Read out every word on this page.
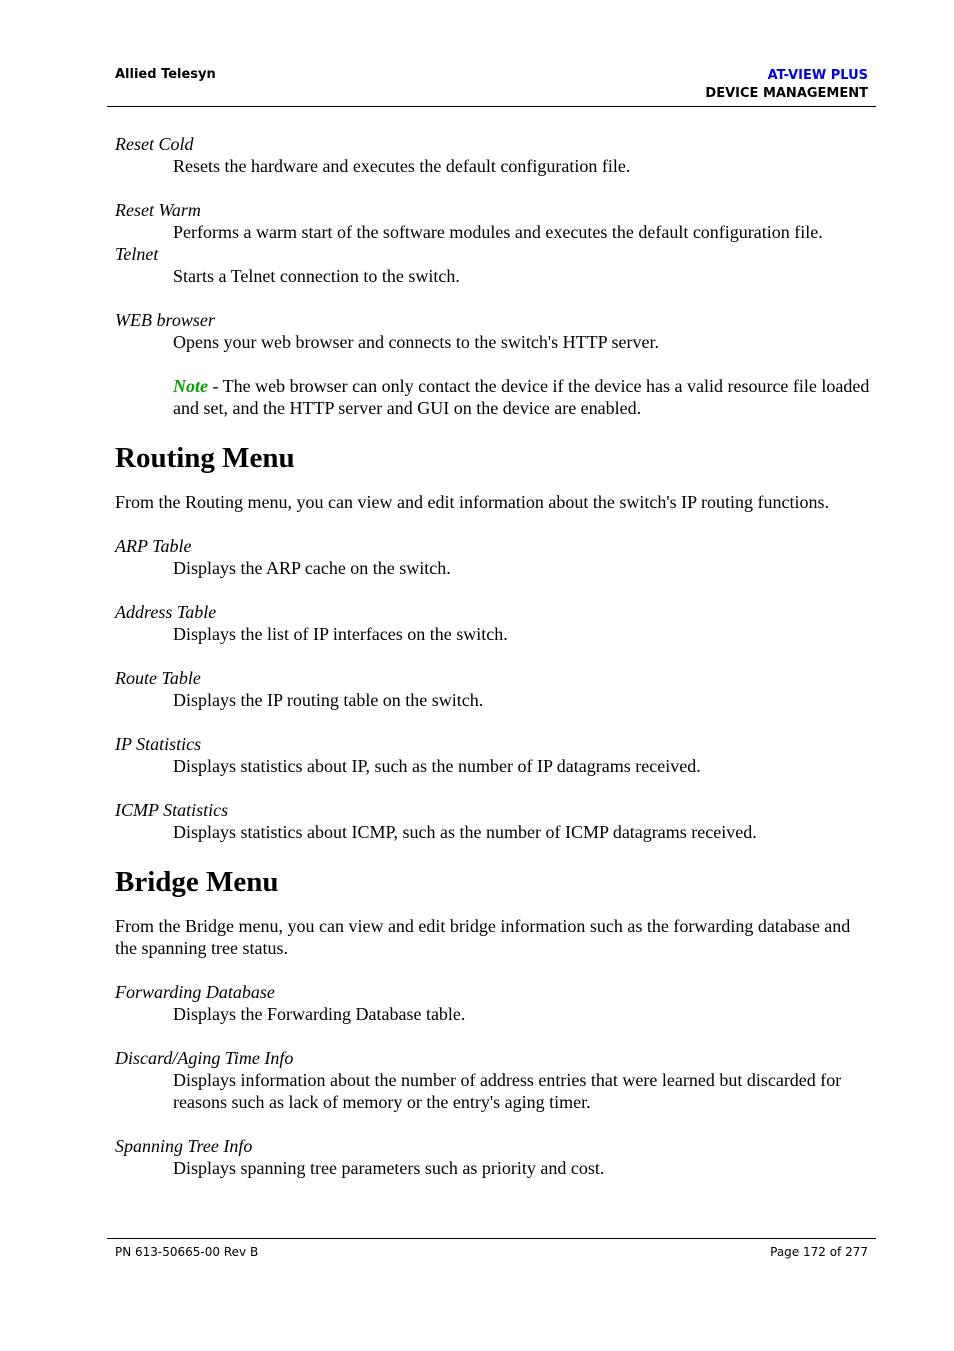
Allied Telesyn	AT-VIEW PLUS
DEVICE MANAGEMENT
Reset Cold
Resets the hardware and executes the default configuration file.
Reset Warm
Performs a warm start of the software modules and executes the default configuration file.
Telnet
Starts a Telnet connection to the switch.
WEB browser
Opens your web browser and connects to the switch's HTTP server.
Note - The web browser can only contact the device if the device has a valid resource file loaded and set, and the HTTP server and GUI on the device are enabled.
Routing Menu
From the Routing menu, you can view and edit information about the switch's IP routing functions.
ARP Table
Displays the ARP cache on the switch.
Address Table
Displays the list of IP interfaces on the switch.
Route Table
Displays the IP routing table on the switch.
IP Statistics
Displays statistics about IP, such as the number of IP datagrams received.
ICMP Statistics
Displays statistics about ICMP, such as the number of ICMP datagrams received.
Bridge Menu
From the Bridge menu, you can view and edit bridge information such as the forwarding database and the spanning tree status.
Forwarding Database
Displays the Forwarding Database table.
Discard/Aging Time Info
Displays information about the number of address entries that were learned but discarded for reasons such as lack of memory or the entry's aging timer.
Spanning Tree Info
Displays spanning tree parameters such as priority and cost.
PN 613-50665-00 Rev B	Page 172 of 277
